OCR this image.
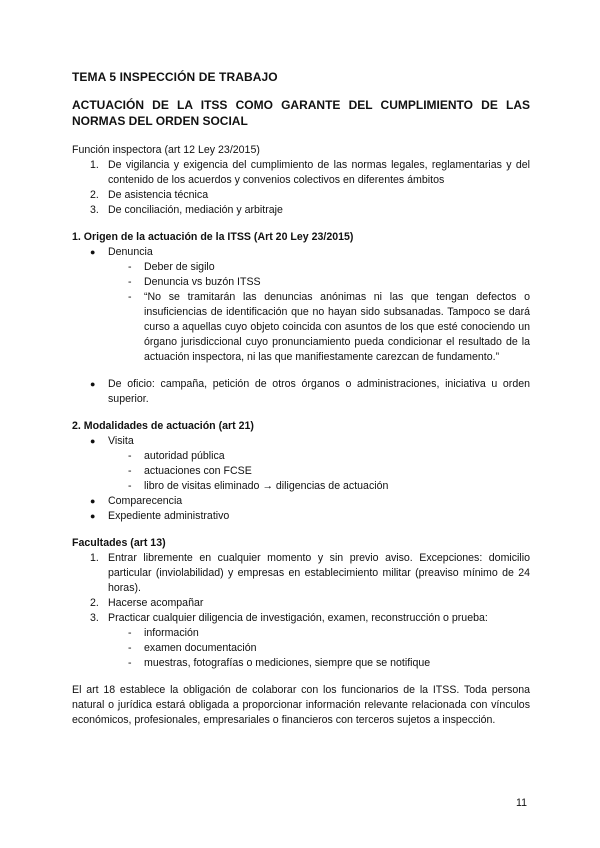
TEMA 5 INSPECCIÓN DE TRABAJO

ACTUACIÓN DE LA ITSS COMO GARANTE DEL CUMPLIMIENTO DE LAS NORMAS DEL ORDEN SOCIAL

Función inspectora (art 12 Ley 23/2015)

1. De vigilancia y exigencia del cumplimiento de las normas legales, reglamentarias y del contenido de los acuerdos y convenios colectivos en diferentes ámbitos
2. De asistencia técnica
3. De conciliación, mediación y arbitraje

1. Origen de la actuación de la ITSS (Art 20 Ley 23/2015)

● Denuncia
- Deber de sigilo
- Denuncia vs buzón ITSS
- “No se tramitarán las denuncias anónimas ni las que tengan defectos o insuficiencias de identificación que no hayan sido subsanadas. Tampoco se dará curso a aquellas cuyo objeto coincida con asuntos de los que esté conociendo un órgano jurisdiccional cuyo pronunciamiento pueda condicionar el resultado de la actuación inspectora, ni las que manifiestamente carezcan de fundamento.”
● De oficio: campaña, petición de otros órganos o administraciones, iniciativa u orden superior.

2. Modalidades de actuación (art 21)

● Visita
- autoridad pública
- actuaciones con FCSE
- libro de visitas eliminado → diligencias de actuación
● Comparecencia
● Expediente administrativo

Facultades (art 13)

1. Entrar libremente en cualquier momento y sin previo aviso. Excepciones: domicilio particular (inviolabilidad) y empresas en establecimiento militar (preaviso mínimo de 24 horas).
2. Hacerse acompañar
3. Practicar cualquier diligencia de investigación, examen, reconstrucción o prueba:
- información
- examen documentación
- muestras, fotografías o mediciones, siempre que se notifique

El art 18 establece la obligación de colaborar con los funcionarios de la ITSS. Toda persona natural o jurídica estará obligada a proporcionar información relevante relacionada con vínculos económicos, profesionales, empresariales o financieros con terceros sujetos a inspección.

11
